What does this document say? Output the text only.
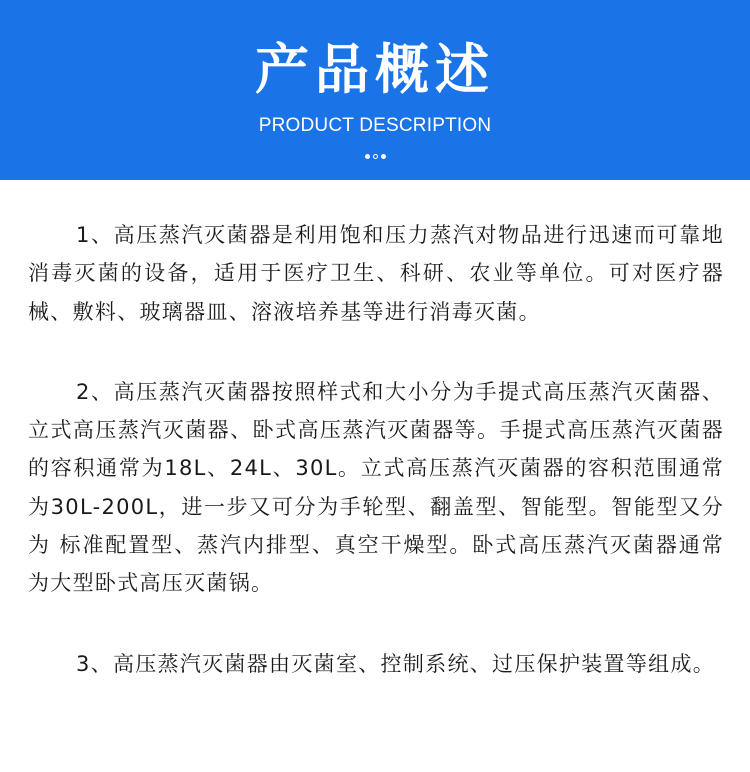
产品概述
PRODUCT DESCRIPTION

1、高压蒸汽灭菌器是利用饱和压力蒸汽对物品进行迅速而可靠地消毒灭菌的设备，适用于医疗卫生、科研、农业等单位。可对医疗器械、敷料、玻璃器皿、溶液培养基等进行消毒灭菌。

2、高压蒸汽灭菌器按照样式和大小分为手提式高压蒸汽灭菌器、立式高压蒸汽灭菌器、卧式高压蒸汽灭菌器等。手提式高压蒸汽灭菌器的容积通常为18L、24L、30L。立式高压蒸汽灭菌器的容积范围通常为30L-200L，进一步又可分为手轮型、翻盖型、智能型。智能型又分为 标准配置型、蒸汽内排型、真空干燥型。卧式高压蒸汽灭菌器通常为大型卧式高压灭菌锅。

3、高压蒸汽灭菌器由灭菌室、控制系统、过压保护装置等组成。
